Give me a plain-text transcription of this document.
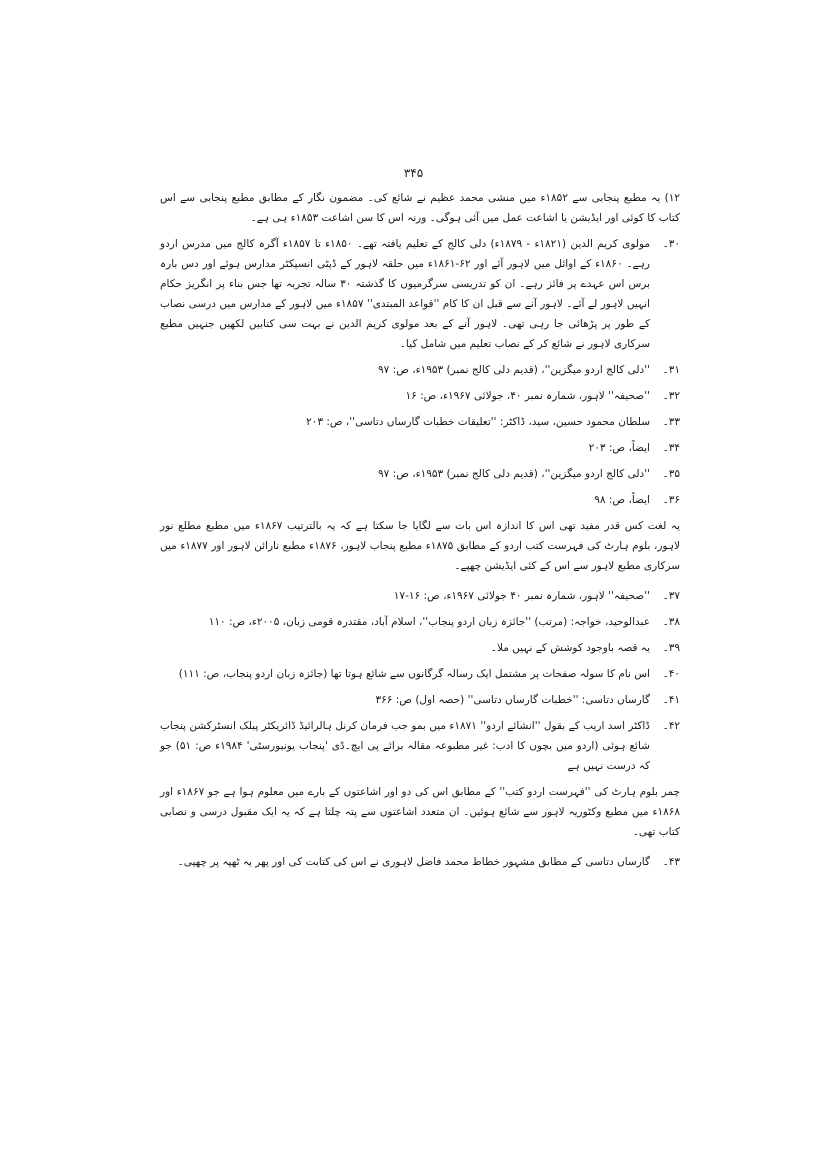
۳۴۵

۱۲) یہ مطبع پنجابی سے ۱۸۵۲ء میں منشی محمد عظیم نے شائع کی۔ مضمون نگار کے مطابق مطبع پنجابی سے اس کتاب کا کوئی اور ایڈیشن یا اشاعت عمل میں آئی ہوگی۔ ورنہ اس کا سن اشاعت ۱۸۵۳ء ہی ہے۔

۳۰۔
مولوی کریم الدین (۱۸۲۱ء - ۱۸۷۹ء) دلی کالج کے تعلیم یافتہ تھے۔ ۱۸۵۰ء تا ۱۸۵۷ء آگرہ کالج میں مدرس اردو رہے۔ ۱۸۶۰ء کے اوائل میں لاہور آئے اور ۶۲-۱۸۶۱ء میں حلقہ لاہور کے ڈپٹی انسپکٹر مدارس ہوئے اور دس بارہ برس اس عہدے پر فائز رہے۔ ان کو تدریسی سرگرمیوں کا گذشتہ ۳۰ سالہ تجربہ تھا جس بناء پر انگریز حکام انہیں لاہور لے آئے۔ لاہور آنے سے قبل ان کا کام ''قواعد المبتدی'' ۱۸۵۷ء میں لاہور کے مدارس میں درسی نصاب کے طور پر پڑھائی جا رہی تھی۔ لاہور آنے کے بعد مولوی کریم الدین نے بہت سی کتابیں لکھیں جنہیں مطبع سرکاری لاہور نے شائع کر کے نصاب تعلیم میں شامل کیا۔
۳۱۔
''دلی کالج اردو میگزین''، (قدیم دلی کالج نمبر) ۱۹۵۳ء، ص: ۹۷
۳۲۔
''صحیفہ'' لاہور، شمارہ نمبر ۴۰، جولائی ۱۹۶۷ء، ص: ۱۶
۳۳۔
سلطان محمود حسین، سید، ڈاکٹر: ''تعلیقات خطبات گارساں دتاسی''، ص: ۲۰۳
۳۴۔
ایضاً، ص: ۲۰۳
۳۵۔
''دلی کالج اردو میگزین''، (قدیم دلی کالج نمبر) ۱۹۵۳ء، ص: ۹۷
۳۶۔
ایضاً، ص: ۹۸

یہ لغت کس قدر مفید تھی اس کا اندازہ اس بات سے لگایا جا سکتا ہے کہ یہ بالترتیب ۱۸۶۷ء میں مطبع مطلع نور لاہور، بلوم ہارٹ کی فہرست کتب اردو کے مطابق ۱۸۷۵ء مطبع پنجاب لاہور، ۱۸۷۶ء مطبع نارائن لاہور اور ۱۸۷۷ء میں سرکاری مطبع لاہور سے اس کے کئی ایڈیشن چھپے۔

۳۷۔
''صحیفہ'' لاہور، شمارہ نمبر ۴۰ جولائی ۱۹۶۷ء، ص: ۱۶-۱۷
۳۸۔
عبدالوحید، خواجہ: (مرتب) ''جائزہ زبان اردو پنجاب''، اسلام آباد، مقتدرہ قومی زبان، ۲۰۰۵ء، ص: ۱۱۰
۳۹۔
یہ قصہ باوجود کوشش کے نہیں ملا۔
۴۰۔
اس نام کا سولہ صفحات پر مشتمل ایک رسالہ گرگانوں سے شائع ہوتا تھا (جائزہ زبان اردو پنجاب، ص: ۱۱۱)
۴۱۔
گارساں دتاسی: ''خطبات گارساں دتاسی'' (حصہ اول) ص: ۳۶۶
۴۲۔
ڈاکٹر اسد اریب کے بقول ''انشائے اردو'' ۱۸۷۱ء میں بمو جب فرمان کرنل ہالرائیڈ ڈائریکٹر پبلک انسٹرکشن پنجاب شائع ہوئی (اردو میں بچوں کا ادب: غیر مطبوعہ مقالہ برائے پی ایچ۔ڈی 'پنجاب یونیورسٹی' ۱۹۸۴ء ص: ۵۱) جو کہ درست نہیں ہے

چمر بلوم ہارٹ کی ''فہرست اردو کتب'' کے مطابق اس کی دو اور اشاعتوں کے بارے میں معلوم ہوا ہے جو ۱۸۶۷ء اور ۱۸۶۸ء میں مطبع وکٹوریہ لاہور سے شائع ہوئیں۔ ان متعدد اشاعتوں سے پتہ چلتا ہے کہ یہ ایک مقبول درسی و نصابی کتاب تھی۔

۴۳۔
گارساں دتاسی کے مطابق مشہور خطاط محمد فاضل لاہوری نے اس کی کتابت کی اور پھر یہ ٹھپہ پر چھپی۔
